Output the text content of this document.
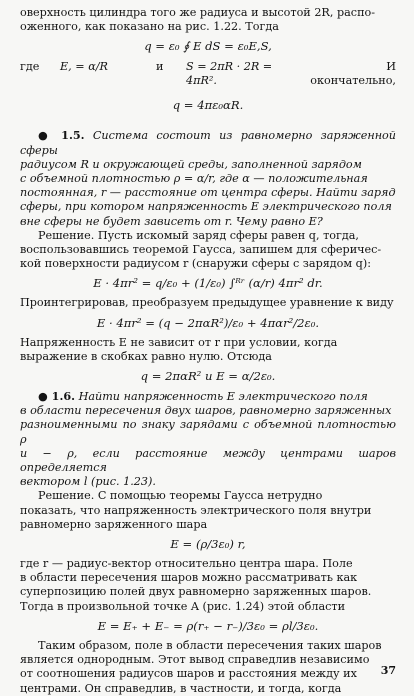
оверхность цилиндра того же радиуса и высотой 2R, распо-

оженного, как показано на рис. 1.22. Тогда

q = ε₀ ∮ E dS = ε₀E,S,
где	E, = α/R	и	S = 2πR · 2R = 4πR².
И окончательно,
q = 4πε₀αR.

● 1.5. Система состоит из равномерно заряженной сферы

радиусом R и окружающей среды, заполненной зарядом

с объемной плотностью ρ = α/r, где α — положительная

постоянная, r — расстояние от центра сферы. Найти заряд

сферы, при котором напряженность E электрического поля

вне сферы не будет зависеть от r. Чему равно E?

Решение. Пусть искомый заряд сферы равен q, тогда,

воспользовавшись теоремой Гаусса, запишем для сферичес-

кой поверхности радиусом r (снаружи сферы с зарядом q):

E · 4πr² = q/ε₀ + (1/ε₀) ∫ᴿʳ (α/r) 4πr² dr.

Проинтегрировав, преобразуем предыдущее уравнение к виду

E · 4πr² = (q − 2παR²)/ε₀ + 4παr²/2ε₀.

Напряженность E не зависит от r при условии, когда

выражение в скобках равно нулю. Отсюда

q = 2παR² и E = α/2ε₀.

● 1.6. Найти напряженность E электрического поля

в области пересечения двух шаров, равномерно заряженных

разноименными по знаку зарядами с объемной плотностью ρ

и − ρ, если расстояние между центрами шаров определяется

вектором l (рис. 1.23).

Решение. С помощью теоремы Гаусса нетрудно

показать, что напряженность электрического поля внутри

равномерно заряженного шара

E = (ρ/3ε₀) r,

где r — радиус-вектор относительно центра шара. Поле

в области пересечения шаров можно рассматривать как

суперпозицию полей двух равномерно заряженных шаров.

Тогда в произвольной точке A (рис. 1.24) этой области

E = E₊ + E₋ = ρ(r₊ − r₋)/3ε₀ = ρl/3ε₀.

Таким образом, поле в области пересечения таких шаров

является однородным. Этот вывод справедлив независимо

от соотношения радиусов шаров и расстояния между их

центрами. Он справедлив, в частности, и тогда, когда

37
